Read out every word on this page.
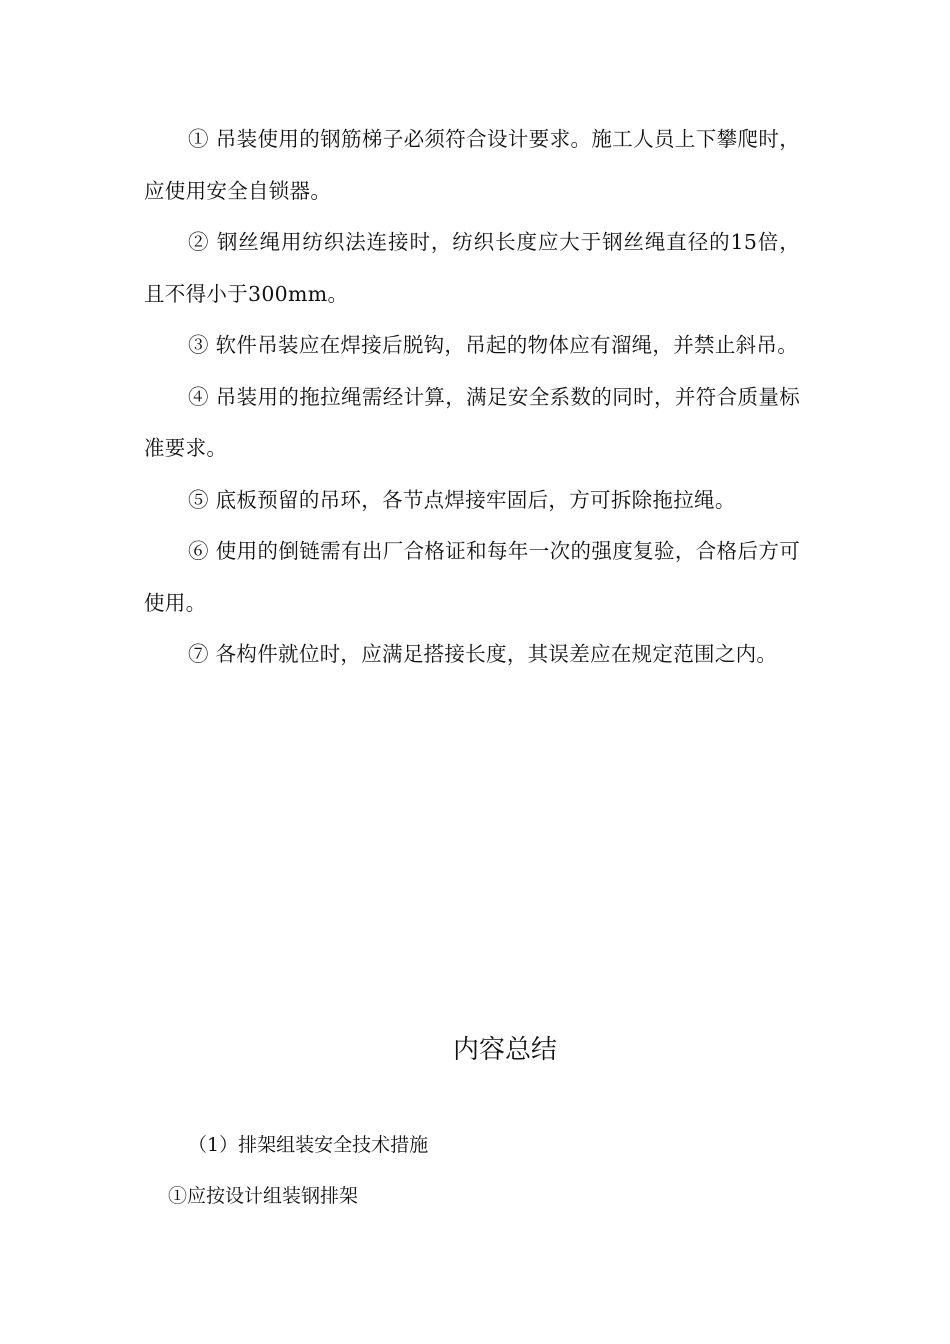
① 吊装使用的钢筋梯子必须符合设计要求。施工人员上下攀爬时，应使用安全自锁器。

② 钢丝绳用纺织法连接时，纺织长度应大于钢丝绳直径的15倍，且不得小于300mm。

③ 软件吊装应在焊接后脱钩，吊起的物体应有溜绳，并禁止斜吊。

④ 吊装用的拖拉绳需经计算，满足安全系数的同时，并符合质量标准要求。

⑤ 底板预留的吊环，各节点焊接牢固后，方可拆除拖拉绳。

⑥ 使用的倒链需有出厂合格证和每年一次的强度复验，合格后方可使用。

⑦ 各构件就位时，应满足搭接长度，其误差应在规定范围之内。

内容总结
（1）排架组装安全技术措施
①应按设计组装钢排架
